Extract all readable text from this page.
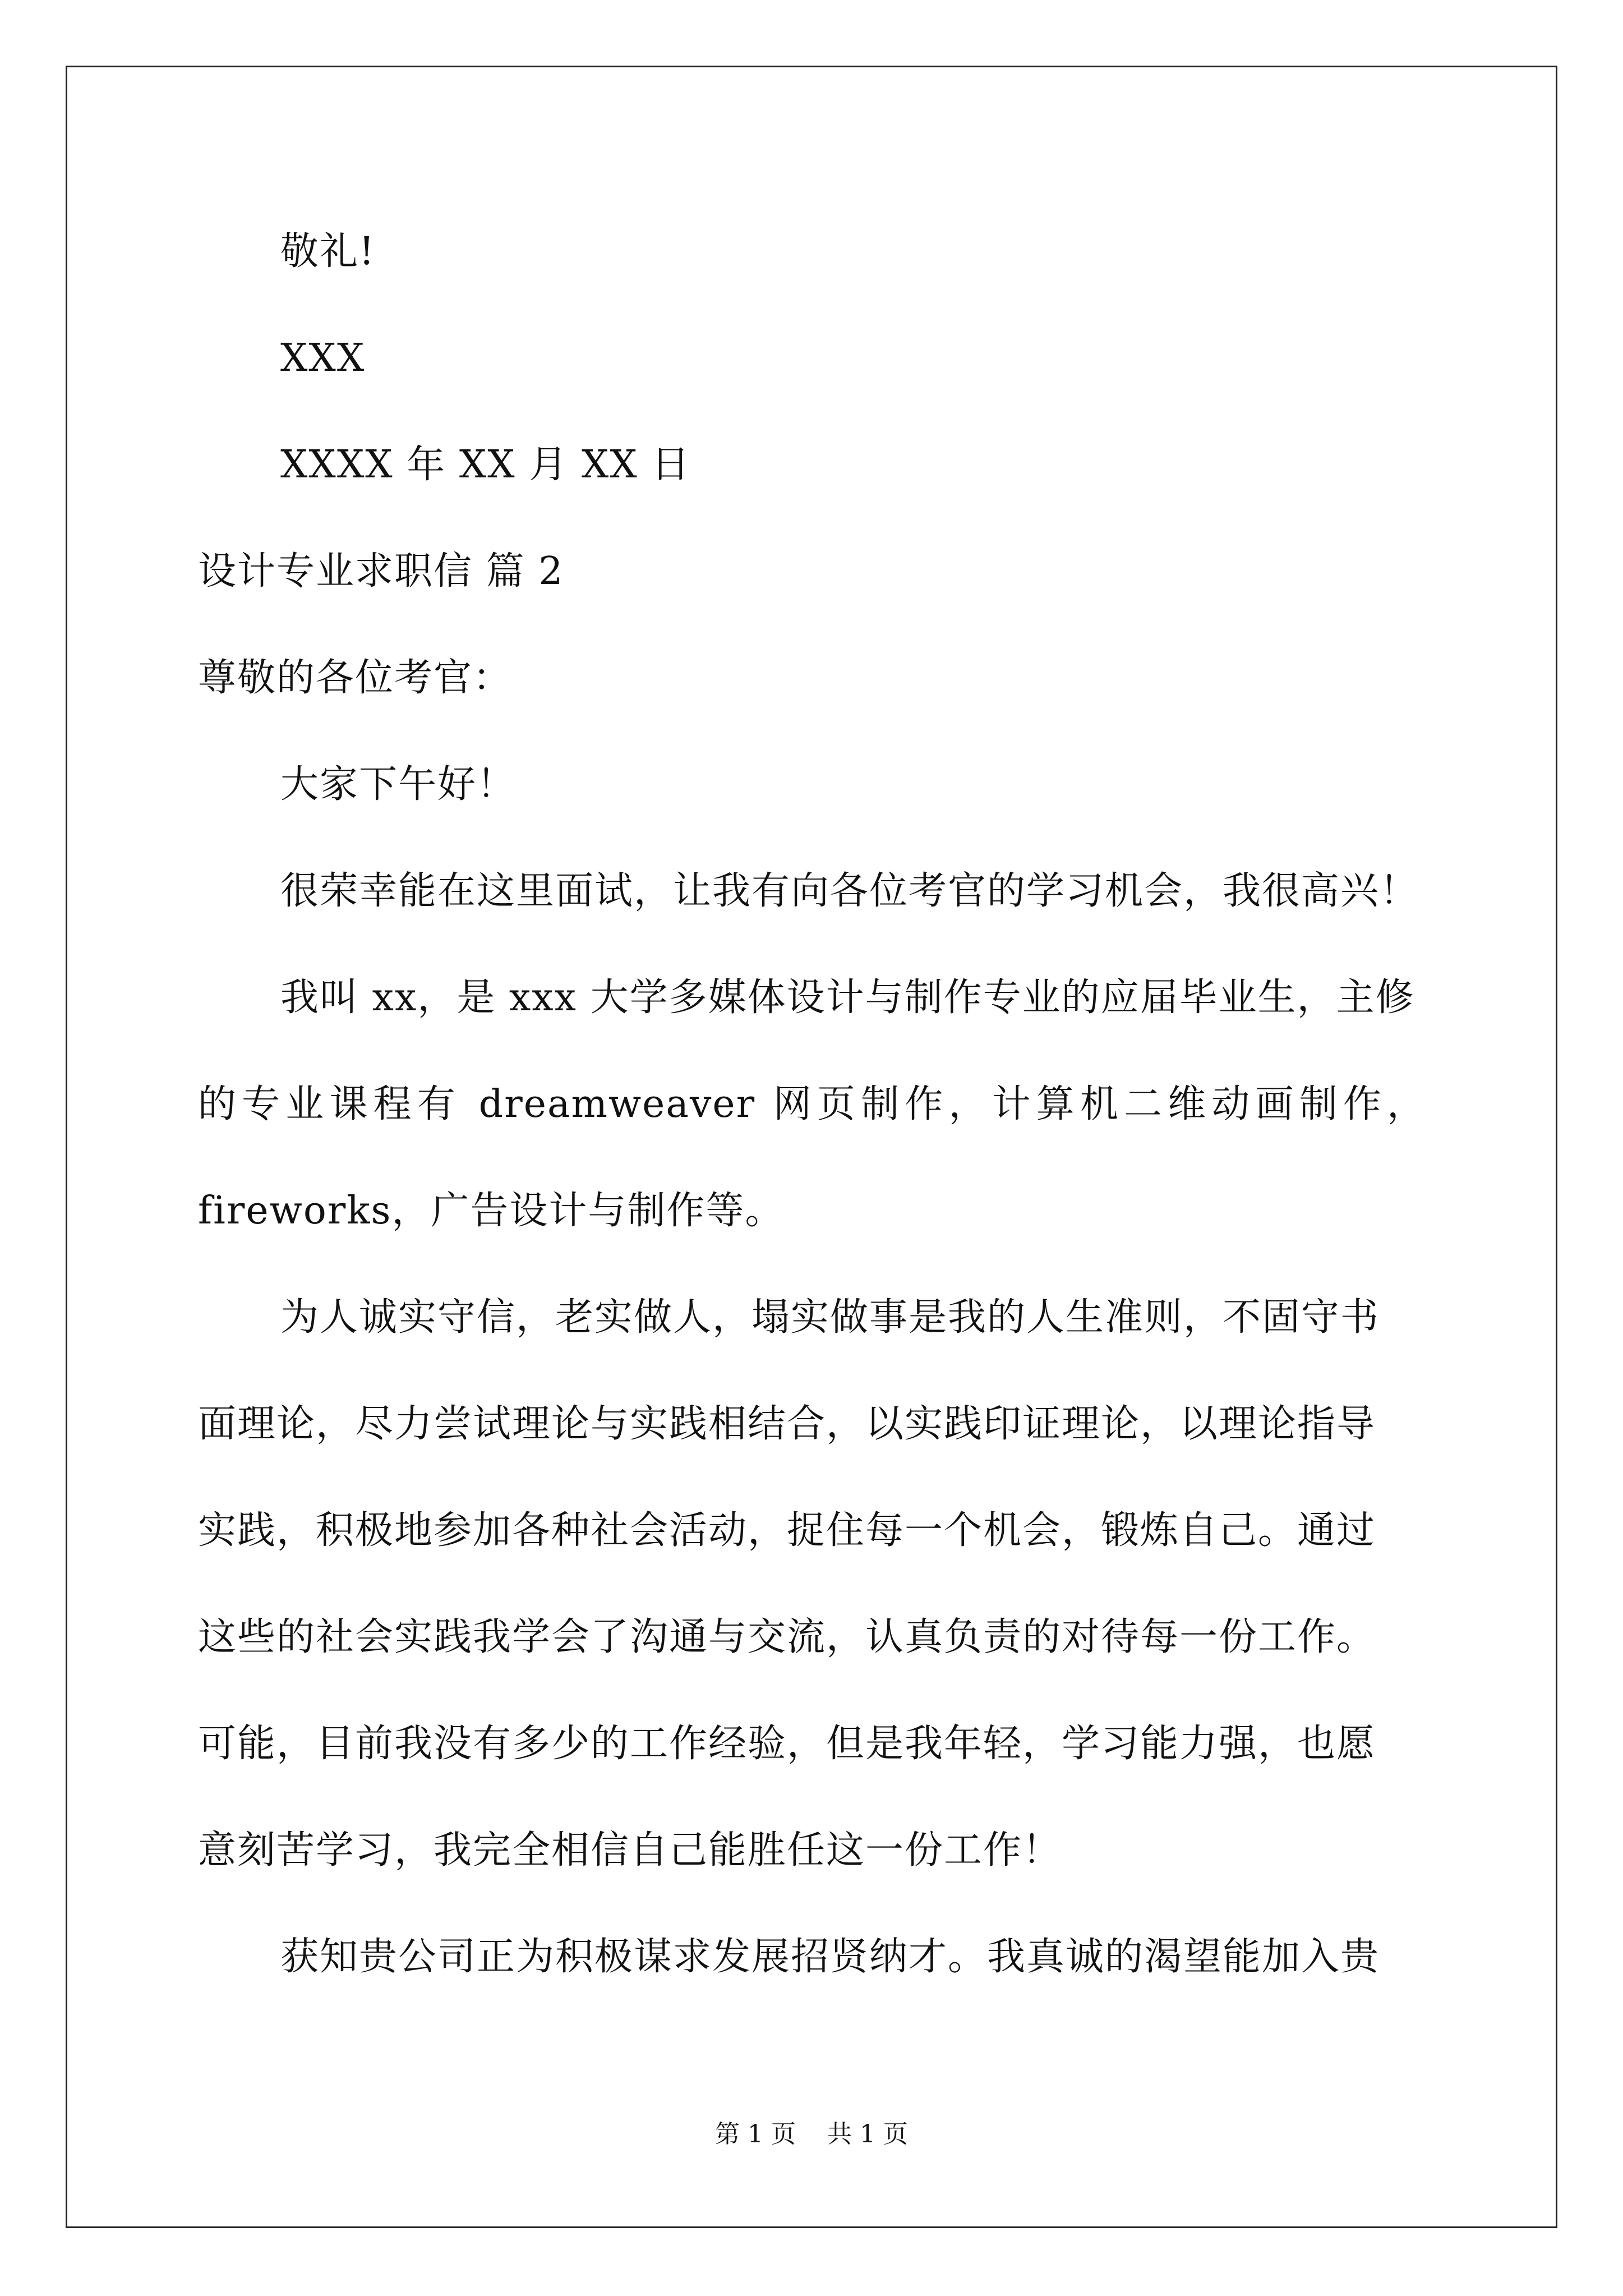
敬礼!
XXX
XXXX 年 XX 月 XX 日
设计专业求职信 篇 2
尊敬的各位考官：
大家下午好！
很荣幸能在这里面试，让我有向各位考官的学习机会，我很高兴！
我叫 xx，是 xxx 大学多媒体设计与制作专业的应届毕业生，主修
的专业课程有 dreamweaver 网页制作，计算机二维动画制作，
fireworks，广告设计与制作等。
为人诚实守信，老实做人，塌实做事是我的人生准则，不固守书
面理论，尽力尝试理论与实践相结合，以实践印证理论，以理论指导
实践，积极地参加各种社会活动，捉住每一个机会，锻炼自己。通过
这些的社会实践我学会了沟通与交流，认真负责的对待每一份工作。
可能，目前我没有多少的工作经验，但是我年轻，学习能力强，也愿
意刻苦学习，我完全相信自己能胜任这一份工作！
获知贵公司正为积极谋求发展招贤纳才。我真诚的渴望能加入贵
第 1 页    共 1 页
